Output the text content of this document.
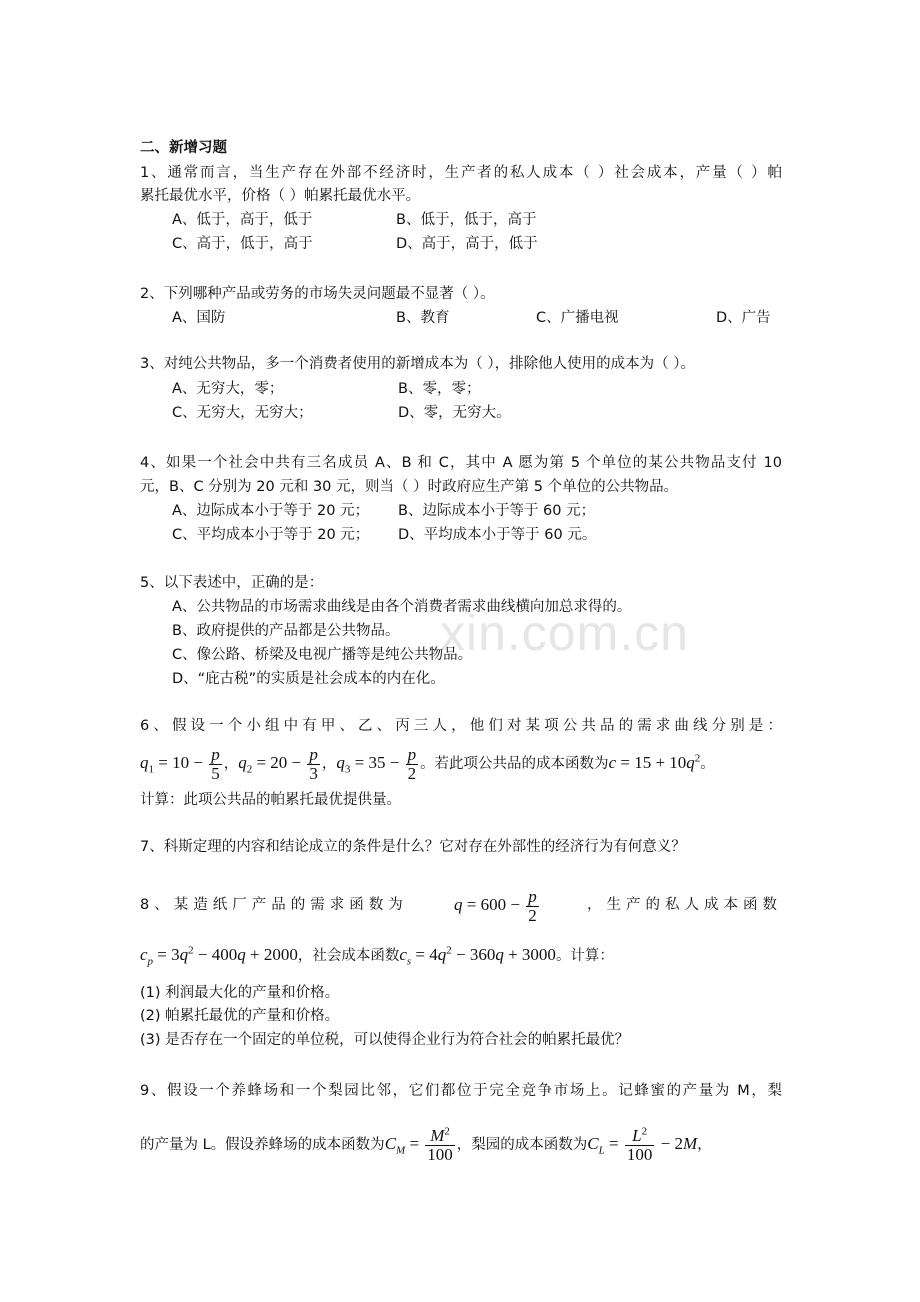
xin.com.cn
二、新增习题
1、通常而言，当生产存在外部不经济时，生产者的私人成本（ ）社会成本，产量（ ）帕
累托最优水平，价格（ ）帕累托最优水平。
A、低于，高于，低于	B、低于，低于，高于
C、高于，低于，高于	D、高于，高于，低于
2、下列哪种产品或劳务的市场失灵问题最不显著（ ）。
A、国防	B、教育	C、广播电视	D、广告
3、对纯公共物品，多一个消费者使用的新增成本为（ ），排除他人使用的成本为（ ）。
A、无穷大，零；	B、零，零；
C、无穷大，无穷大；	D、零，无穷大。
4、如果一个社会中共有三名成员 A、B 和 C，其中 A 愿为第 5 个单位的某公共物品支付 10
元，B、C 分别为 20 元和 30 元，则当（ ）时政府应生产第 5 个单位的公共物品。
A、边际成本小于等于 20 元； B、边际成本小于等于 60 元；
C、平均成本小于等于 20 元； D、平均成本小于等于 60 元。
5、以下表述中，正确的是：
A、公共物品的市场需求曲线是由各个消费者需求曲线横向加总求得的。
B、政府提供的产品都是公共物品。
C、像公路、桥梁及电视广播等是纯公共物品。
D、“庇古税”的实质是社会成本的内在化。
6、假设一个小组中有甲、乙、丙三人，他们对某项公共品的需求曲线分别是：
$q_1 = 10 - \frac{p}{5}$ ，$q_2 = 20 - \frac{p}{3}$ ，$q_3 = 35 - \frac{p}{2}$ 。若此项公共品的成本函数为$c = 15 + 10q^2$。
计算：此项公共品的帕累托最优提供量。
7、科斯定理的内容和结论成立的条件是什么？它对存在外部性的经济行为有何意义？
8、某造纸厂产品的需求函数为	$q = 600 - \frac{p}{2}$	，生产的私人成本函数
$c_p = 3q^2 - 400q + 2000$，社会成本函数$c_s = 4q^2 - 360q + 3000$。计算：
(1) 利润最大化的产量和价格。
(2) 帕累托最优的产量和价格。
(3) 是否存在一个固定的单位税，可以使得企业行为符合社会的帕累托最优？
9、假设一个养蜂场和一个梨园比邻，它们都位于完全竞争市场上。记蜂蜜的产量为 M，梨
的产量为 L。假设养蜂场的成本函数为$C_M = \frac{M^2}{100}$ ，梨园的成本函数为$C_L = \frac{L^2}{100} - 2M$，
